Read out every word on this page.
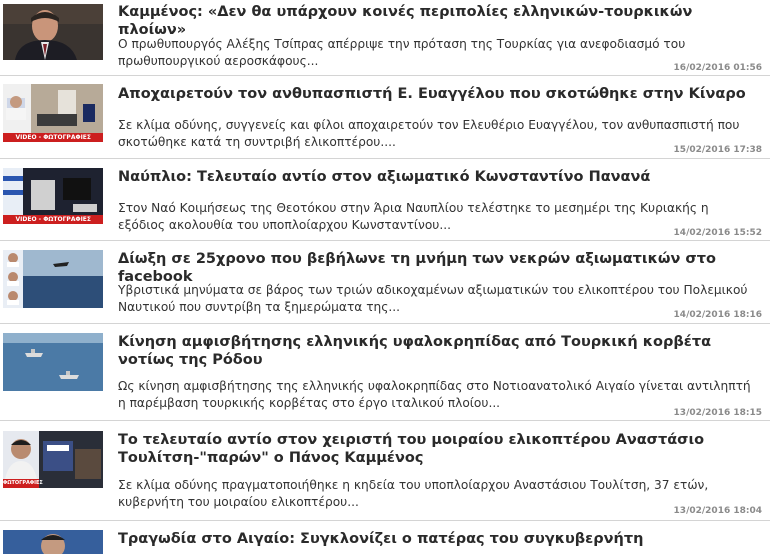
Καμμένος: «Δεν θα υπάρχουν κοινές περιπολίες ελληνικών-τουρκικών πλοίων»

Ο πρωθυπουργός Αλέξης Τσίπρας απέρριψε την πρόταση της Τουρκίας για ανεφοδιασμό του πρωθυπουργικού αεροσκάφους...	16/02/2016 01:56
VIDEO - ΦΩΤΟΓΡΑΦΙΕΣ
Αποχαιρετούν τον ανθυπασπιστή Ε. Ευαγγέλου που σκοτώθηκε στην Κίναρο

Σε κλίμα οδύνης, συγγενείς και φίλοι αποχαιρετούν τον Ελευθέριο Ευαγγέλου, τον ανθυπασπιστή που σκοτώθηκε κατά τη συντριβή ελικοπτέρου....

15/02/2016 17:38
VIDEO - ΦΩΤΟΓΡΑΦΙΕΣ
Ναύπλιο: Τελευταίο αντίο στον αξιωματικό Κωνσταντίνο Πανανά

Στον Ναό Κοιμήσεως της Θεοτόκου στην Άρια Ναυπλίου τελέστηκε το μεσημέρι της Κυριακής η εξόδιος ακολουθία του υποπλοίαρχου Κωνσταντίνου...

14/02/2016 15:52
Δίωξη σε 25χρονο που βεβήλωνε τη μνήμη των νεκρών αξιωματικών στο facebook

Υβριστικά μηνύματα σε βάρος των τριών αδικοχαμένων αξιωματικών του ελικοπτέρου του Πολεμικού Ναυτικού που συντρίβη τα ξημερώματα της...

14/02/2016 18:16
Κίνηση αμφισβήτησης ελληνικής υφαλοκρηπίδας από Τουρκική κορβέτα νοτίως της Ρόδου

Ως κίνηση αμφισβήτησης της ελληνικής υφαλοκρηπίδας στο Νοτιοανατολικό Αιγαίο γίνεται αντιληπτή η παρέμβαση τουρκικής κορβέτας στο έργο ιταλικού πλοίου...

13/02/2016 18:15
ΦΩΤΟΓΡΑΦΙΕΣ
Το τελευταίο αντίο στον χειριστή του μοιραίου ελικοπτέρου Αναστάσιο Τουλίτση-"παρών" ο Πάνος Καμμένος

Σε κλίμα οδύνης πραγματοποιήθηκε η κηδεία του υποπλοίαρχου Αναστάσιου Τουλίτση, 37 ετών, κυβερνήτη του μοιραίου ελικοπτέρου...

13/02/2016 18:04
Τραγωδία στο Αιγαίο: Συγκλονίζει ο πατέρας του συγκυβερνήτη
